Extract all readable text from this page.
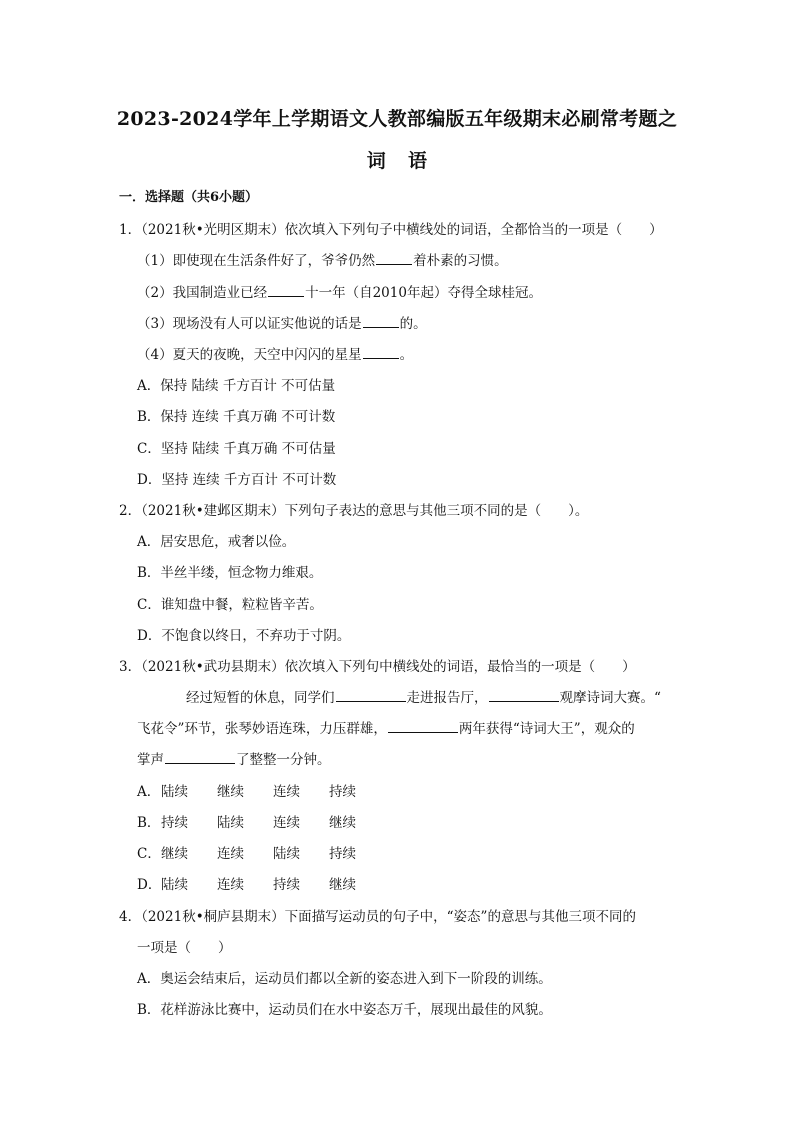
2023-2024学年上学期语文人教部编版五年级期末必刷常考题之
词 语
一．选择题（共6小题）
1．（2021秋•光明区期末）依次填入下列句子中横线处的词语，全都恰当的一项是（　　）
（1）即使现在生活条件好了，爷爷仍然	着朴素的习惯。
（2）我国制造业已经	十一年（自2010年起）夺得全球桂冠。
（3）现场没有人可以证实他说的话是	的。
（4）夏天的夜晚，天空中闪闪的星星	。
A．保持 陆续 千方百计 不可估量
B．保持 连续 千真万确 不可计数
C．坚持 陆续 千真万确 不可估量
D．坚持 连续 千方百计 不可计数
2．（2021秋•建邺区期末）下列句子表达的意思与其他三项不同的是（　　）。
A．居安思危，戒奢以俭。
B．半丝半缕，恒念物力维艰。
C．谁知盘中餐，粒粒皆辛苦。
D．不饱食以终日，不弃功于寸阴。
3．（2021秋•武功县期末）依次填入下列句中横线处的词语，最恰当的一项是（　　）
经过短暂的休息，同学们	走进报告厅，	观摩诗词大赛。“
飞花令”环节，张琴妙语连珠，力压群雄，	两年获得“诗词大王”，观众的
掌声	了整整一分钟。
A．陆续 继续 连续 持续
B．持续 陆续 连续 继续
C．继续 连续 陆续 持续
D．陆续 连续 持续 继续
4．（2021秋•桐庐县期末）下面描写运动员的句子中，“姿态”的意思与其他三项不同的
一项是（　　）
A．奥运会结束后，运动员们都以全新的姿态进入到下一阶段的训练。
B．花样游泳比赛中，运动员们在水中姿态万千，展现出最佳的风貌。
